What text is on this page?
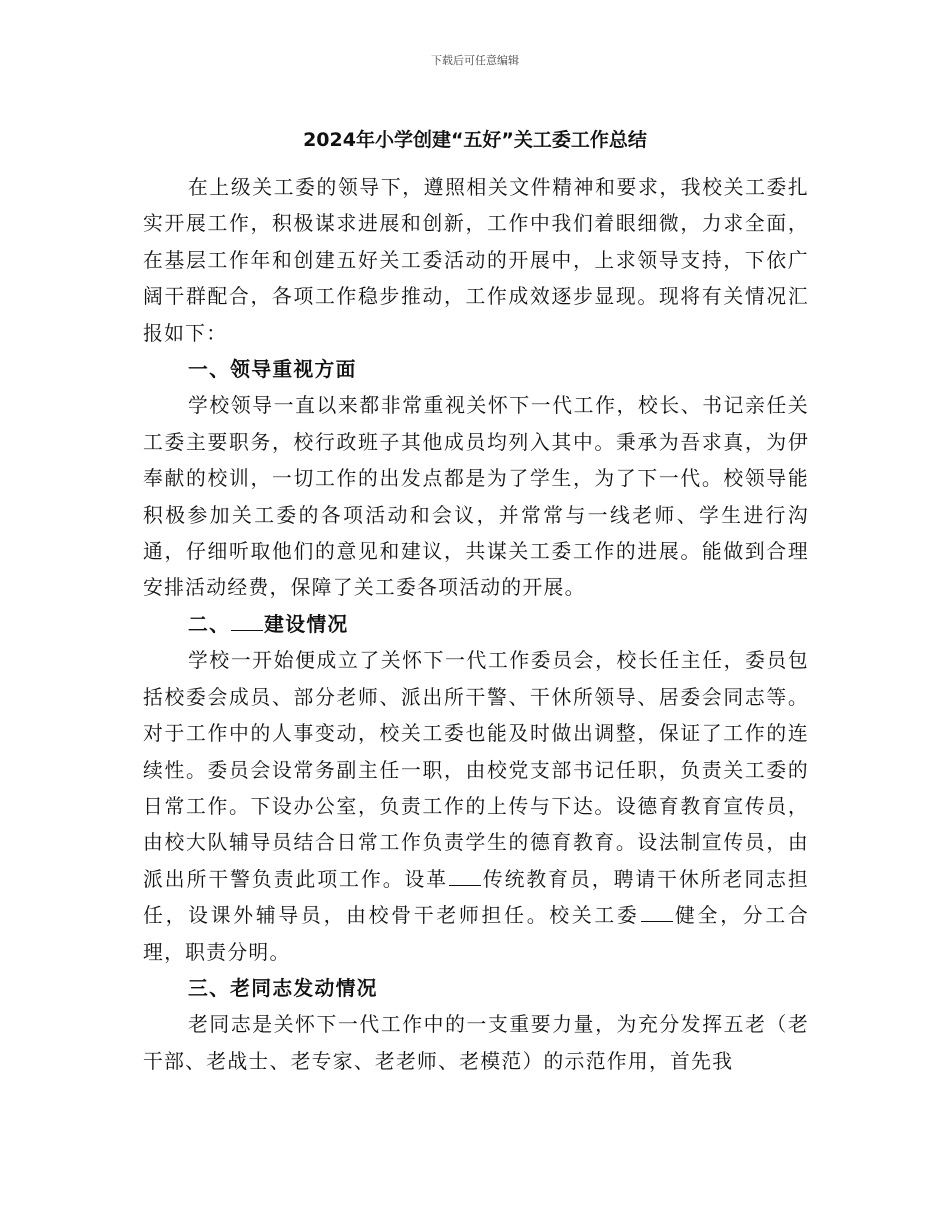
下载后可任意编辑
2024年小学创建“五好”关工委工作总结

在上级关工委的领导下，遵照相关文件精神和要求，我校关工委扎实开展工作，积极谋求进展和创新，工作中我们着眼细微，力求全面，在基层工作年和创建五好关工委活动的开展中，上求领导支持，下依广阔干群配合，各项工作稳步推动，工作成效逐步显现。现将有关情况汇报如下：

一、领导重视方面

学校领导一直以来都非常重视关怀下一代工作，校长、书记亲任关工委主要职务，校行政班子其他成员均列入其中。秉承为吾求真，为伊奉献的校训，一切工作的出发点都是为了学生，为了下一代。校领导能积极参加关工委的各项活动和会议，并常常与一线老师、学生进行沟通，仔细听取他们的意见和建议，共谋关工委工作的进展。能做到合理安排活动经费，保障了关工委各项活动的开展。

二、 建设情况

学校一开始便成立了关怀下一代工作委员会，校长任主任，委员包括校委会成员、部分老师、派出所干警、干休所领导、居委会同志等。对于工作中的人事变动，校关工委也能及时做出调整，保证了工作的连续性。委员会设常务副主任一职，由校党支部书记任职，负责关工委的日常工作。下设办公室，负责工作的上传与下达。设德育教育宣传员，由校大队辅导员结合日常工作负责学生的德育教育。设法制宣传员，由派出所干警负责此项工作。设革 传统教育员，聘请干休所老同志担任，设课外辅导员，由校骨干老师担任。校关工委 健全，分工合理，职责分明。

三、老同志发动情况

老同志是关怀下一代工作中的一支重要力量，为充分发挥五老（老干部、老战士、老专家、老老师、老模范）的示范作用，首先我
